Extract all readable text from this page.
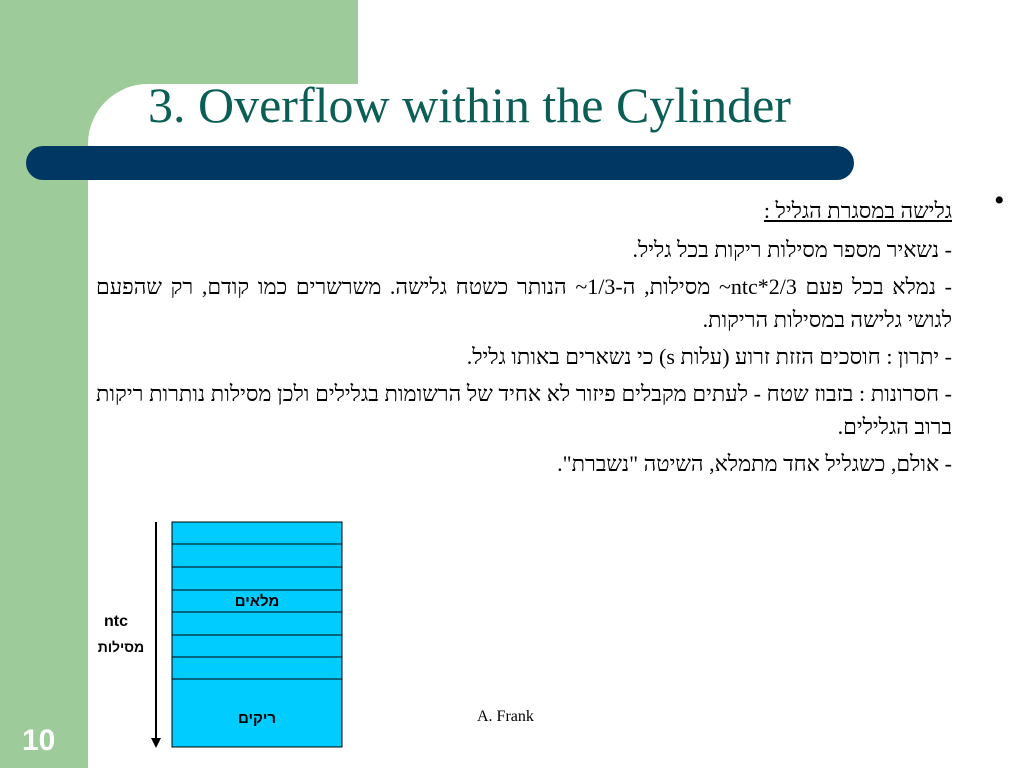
3. Overflow within the Cylinder
•

גלישה במסגרת הגליל :

- נשאיר מספר מסילות ריקות בכל גליל.

- נמלא בכל פעם ntc*2/3~ מסילות, ה-1/3~ הנותר כשטח גלישה. משרשרים כמו קודם, רק שהפעם לגושי גלישה במסילות הריקות.

- יתרון : חוסכים הזזת זרוע (עלות s) כי נשארים באותו גליל.

- חסרונות : בזבוז שטח - לעתים מקבלים פיזור לא אחיד של הרשומות בגלילים ולכן מסילות נותרות ריקות ברוב הגלילים.

- אולם, כשגליל אחד מתמלא, השיטה "נשברת".

ntc
מסילות
מלאים
ריקים	A. Frank
10
